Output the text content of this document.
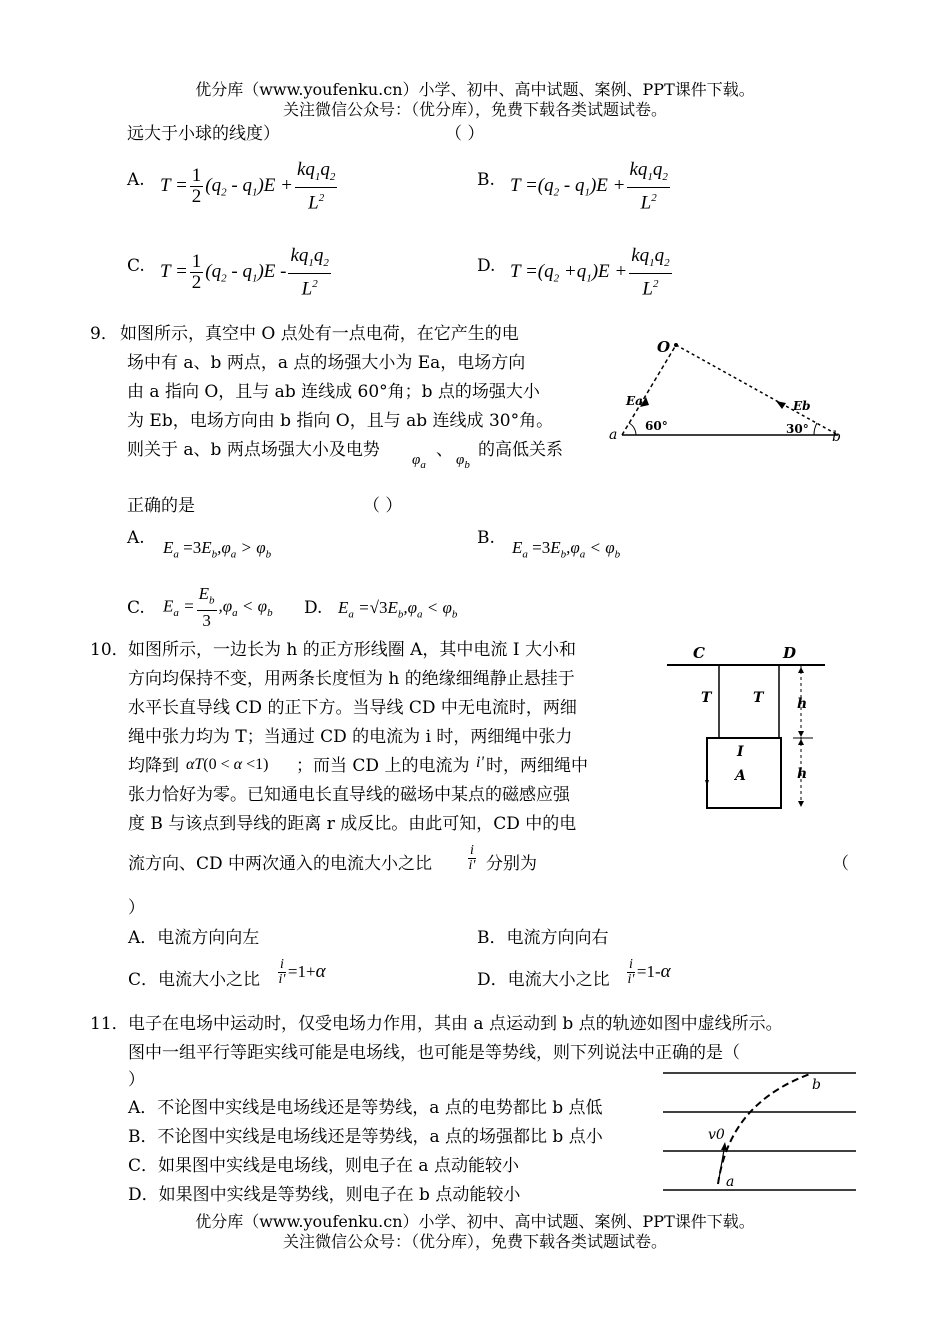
优分库（www.youfenku.cn）小学、初中、高中试题、案例、PPT课件下载。
关注微信公众号：（优分库），免费下载各类试题试卷。
远大于小球的线度）	（ ）
A. $T = \frac{1}{2} (q_2 - q_1)E + \frac{kq_1q_2}{L^2}$	B. $T =(q_2 - q_1)E + \frac{kq_1q_2}{L^2}$
C. $T = \frac{1}{2} (q_2 - q_1)E - \frac{kq_1q_2}{L^2}$	D. $T =(q_2 +q_1)E + \frac{kq_1q_2}{L^2}$
9． 如图所示，真空中 O 点处有一点电荷，在它产生的电
场中有 a、b 两点，a 点的场强大小为 Ea，电场方向
由 a 指向 O，且与 ab 连线成 60°角；b 点的场强大小
为 Eb，电场方向由 b 指向 O，且与 ab 连线成 30°角。
则关于 a、b 两点场强大小及电势 $\varphi_a$
、 $\varphi_b$
的高低关系
正确的是	（ ）
O
Ea	Eb
a	b
60°	30°
A. $E_a =3E_b,\varphi_a > \varphi_b$
B. $E_a =3E_b,\varphi_a < \varphi_b$
C. $E_a = \frac{E_b}{3} ,\varphi_a < \varphi_b$ D. $E_a =√3E_b,\varphi_a < \varphi_b$
10． 如图所示，一边长为 h 的正方形线圈 A，其中电流 I 大小和
方向均保持不变，用两条长度恒为 h 的绝缘细绳静止悬挂于
水平长直导线 CD 的正下方。当导线 CD 中无电流时，两细
绳中张力均为 T；当通过 CD 的电流为 i 时，两细绳中张力
均降到 αT(0 < α <1) ；而当 CD 上的电流为 i' 时，两细绳中
张力恰好为零。已知通电长直导线的磁场中某点的磁感应强
度 B 与该点到导线的距离 r 成反比。由此可知，CD 中的电
流方向、CD 中两次通入的电流大小之比	$\frac{i}{i'}$ 分别为	（
）
C	D
T	T h
h
I
A
A．电流方向向左	B．电流方向向右
C．电流大小之比 $\frac{i}{i'} =1+\alpha$	D．电流大小之比 $\frac{i}{i'} =1-\alpha$
11． 电子在电场中运动时，仅受电场力作用，其由 a 点运动到 b 点的轨迹如图中虚线所示。
图中一组平行等距实线可能是电场线，也可能是等势线，则下列说法中正确的是（
）
A．不论图中实线是电场线还是等势线，a 点的电势都比 b 点低
B．不论图中实线是电场线还是等势线，a 点的场强都比 b 点小
C．如果图中实线是电场线，则电子在 a 点动能较小
D．如果图中实线是等势线，则电子在 b 点动能较小
b
a
v0
优分库（www.youfenku.cn）小学、初中、高中试题、案例、PPT课件下载。
关注微信公众号：（优分库），免费下载各类试题试卷。
